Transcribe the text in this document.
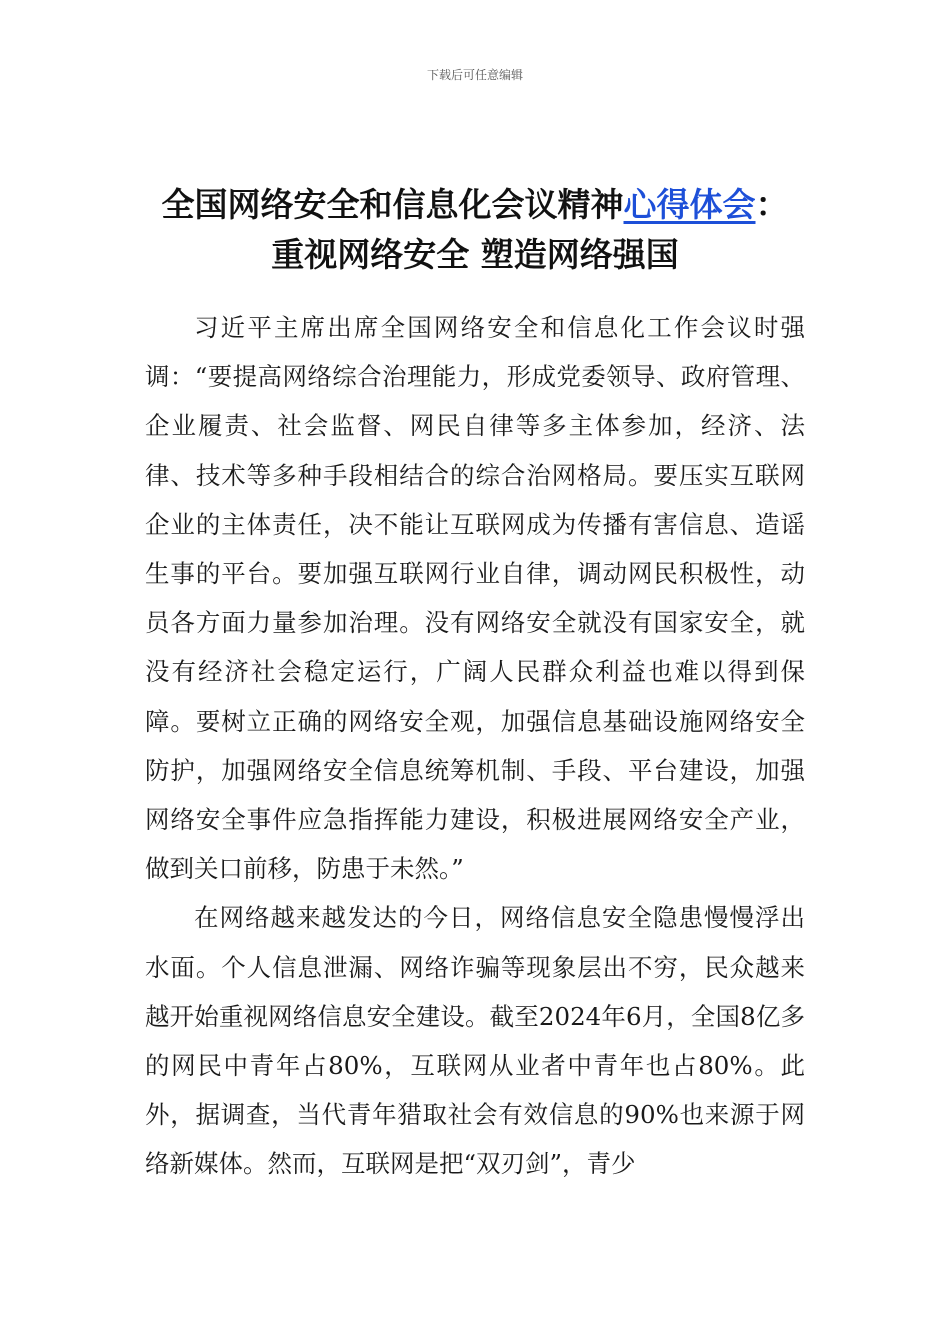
下载后可任意编辑
全国网络安全和信息化会议精神心得体会：
重视网络安全 塑造网络强国

习近平主席出席全国网络安全和信息化工作会议时强调：“要提高网络综合治理能力，形成党委领导、政府管理、企业履责、社会监督、网民自律等多主体参加，经济、法律、技术等多种手段相结合的综合治网格局。要压实互联网企业的主体责任，决不能让互联网成为传播有害信息、造谣生事的平台。要加强互联网行业自律，调动网民积极性，动员各方面力量参加治理。没有网络安全就没有国家安全，就没有经济社会稳定运行，广阔人民群众利益也难以得到保障。要树立正确的网络安全观，加强信息基础设施网络安全防护，加强网络安全信息统筹机制、手段、平台建设，加强网络安全事件应急指挥能力建设，积极进展网络安全产业，做到关口前移，防患于未然。”

在网络越来越发达的今日，网络信息安全隐患慢慢浮出水面。个人信息泄漏、网络诈骗等现象层出不穷，民众越来越开始重视网络信息安全建设。截至2024年6月，全国8亿多的网民中青年占80%，互联网从业者中青年也占80%。此外，据调查，当代青年猎取社会有效信息的90%也来源于网络新媒体。然而，互联网是把“双刃剑”，青少
